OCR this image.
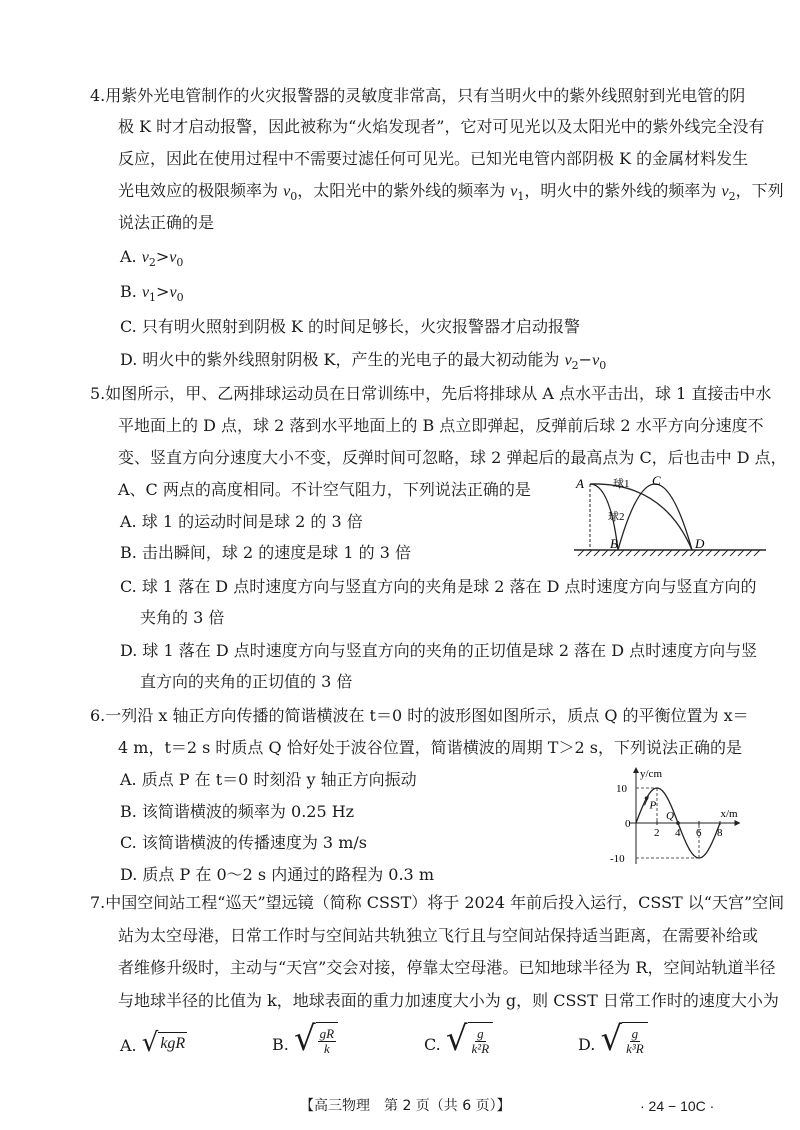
4.用紫外光电管制作的火灾报警器的灵敏度非常高，只有当明火中的紫外线照射到光电管的阴
极 K 时才启动报警，因此被称为“火焰发现者”，它对可见光以及太阳光中的紫外线完全没有
反应，因此在使用过程中不需要过滤任何可见光。已知光电管内部阴极 K 的金属材料发生
光电效应的极限频率为 $\nu_0$，太阳光中的紫外线的频率为 $\nu_1$，明火中的紫外线的频率为 $\nu_2$，下列
说法正确的是
A. $\nu_2>\nu_0$
B. $\nu_1>\nu_0$
C. 只有明火照射到阴极 K 的时间足够长，火灾报警器才启动报警
D. 明火中的紫外线照射阴极 K，产生的光电子的最大初动能为 $\nu_2-\nu_0$
5.如图所示，甲、乙两排球运动员在日常训练中，先后将排球从 A 点水平击出，球 1 直接击中水
平地面上的 D 点，球 2 落到水平地面上的 B 点立即弹起，反弹前后球 2 水平方向分速度不
变、竖直方向分速度大小不变，反弹时间可忽略，球 2 弹起后的最高点为 C，后也击中 D 点，
A、C 两点的高度相同。不计空气阻力，下列说法正确的是
A. 球 1 的运动时间是球 2 的 3 倍
B. 击出瞬间，球 2 的速度是球 1 的 3 倍
C. 球 1 落在 D 点时速度方向与竖直方向的夹角是球 2 落在 D 点时速度方向与竖直方向的
夹角的 3 倍
D. 球 1 落在 D 点时速度方向与竖直方向的夹角的正切值是球 2 落在 D 点时速度方向与竖
直方向的夹角的正切值的 3 倍
A	球1 C
球2
B	D
6.一列沿 x 轴正方向传播的简谐横波在 t＝0 时的波形图如图所示，质点 Q 的平衡位置为 x＝
4 m，t＝2 s 时质点 Q 恰好处于波谷位置，简谐横波的周期 T＞2 s，下列说法正确的是
A. 质点 P 在 t＝0 时刻沿 y 轴正方向振动
B. 该简谐横波的频率为 0.25 Hz
C. 该简谐横波的传播速度为 3 m/s
D. 质点 P 在 0～2 s 内通过的路程为 0.3 m
y/cm
x/m
10
0
-10
2 4 6 8
P
Q
7.中国空间站工程“巡天”望远镜（简称 CSST）将于 2024 年前后投入运行，CSST 以“天宫”空间
站为太空母港，日常工作时与空间站共轨独立飞行且与空间站保持适当距离，在需要补给或
者维修升级时，主动与“天宫”交会对接，停靠太空母港。已知地球半径为 R，空间站轨道半径
与地球半径的比值为 k，地球表面的重力加速度大小为 g，则 CSST 日常工作时的速度大小为
A. √ kgR	B. √ $\frac{gR}{k}$	C. √ $\frac{g}{\text{k²R}}$	D. √ $\frac{g}{\text{k³R}}$
【高三物理　第 2 页（共 6 页）】	· 24 − 10C ·
